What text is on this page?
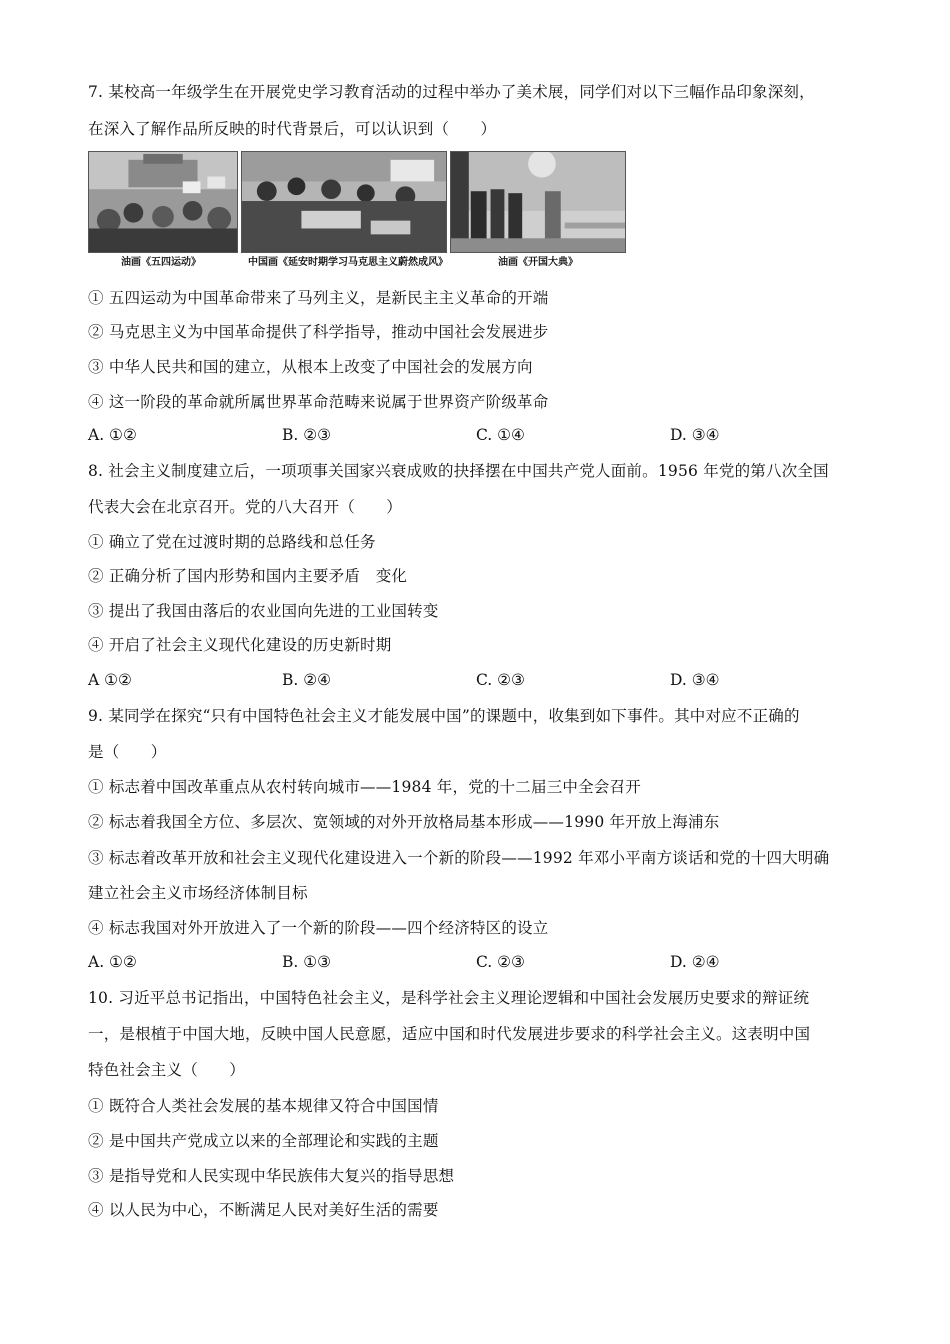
7. 某校高一年级学生在开展党史学习教育活动的过程中举办了美术展，同学们对以下三幅作品印象深刻，
在深入了解作品所反映的时代背景后，可以认识到（　　）
油画《五四运动》	中国画《延安时期学习马克思主义蔚然成风》	油画《开国大典》
① 五四运动为中国革命带来了马列主义，是新民主主义革命的开端
② 马克思主义为中国革命提供了科学指导，推动中国社会发展进步
③ 中华人民共和国的建立，从根本上改变了中国社会的发展方向
④ 这一阶段的革命就所属世界革命范畴来说属于世界资产阶级革命
A. ①②	B. ②③	C. ①④	D. ③④
8. 社会主义制度建立后，一项项事关国家兴衰成败的抉择摆在中国共产党人面前。1956 年党的第八次全国
代表大会在北京召开。党的八大召开（　　）
① 确立了党在过渡时期的总路线和总任务
② 正确分析了国内形势和国内主要矛盾　变化
③ 提出了我国由落后的农业国向先进的工业国转变
④ 开启了社会主义现代化建设的历史新时期
A ①②	B. ②④	C. ②③	D. ③④
9. 某同学在探究“只有中国特色社会主义才能发展中国”的课题中，收集到如下事件。其中对应不正确的
是（　　）
① 标志着中国改革重点从农村转向城市——1984 年，党的十二届三中全会召开
② 标志着我国全方位、多层次、宽领域的对外开放格局基本形成——1990 年开放上海浦东
③ 标志着改革开放和社会主义现代化建设进入一个新的阶段——1992 年邓小平南方谈话和党的十四大明确
建立社会主义市场经济体制目标
④ 标志我国对外开放进入了一个新的阶段——四个经济特区的设立
A. ①②	B. ①③	C. ②③	D. ②④
10. 习近平总书记指出，中国特色社会主义，是科学社会主义理论逻辑和中国社会发展历史要求的辩证统
一，是根植于中国大地，反映中国人民意愿，适应中国和时代发展进步要求的科学社会主义。这表明中国
特色社会主义（　　）
① 既符合人类社会发展的基本规律又符合中国国情
② 是中国共产党成立以来的全部理论和实践的主题
③ 是指导党和人民实现中华民族伟大复兴的指导思想
④ 以人民为中心，不断满足人民对美好生活的需要
